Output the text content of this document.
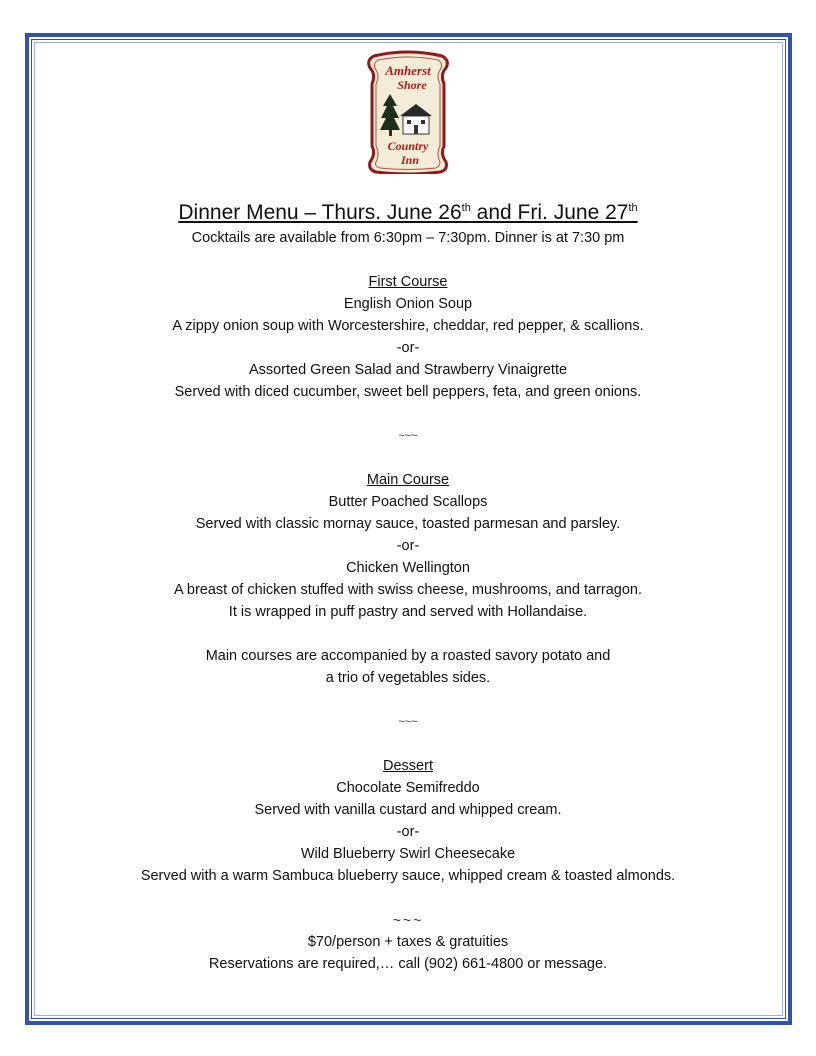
Amherst
Shore
Country
Inn
Dinner Menu – Thurs. June 26th and Fri. June 27th
Cocktails are available from 6:30pm – 7:30pm. Dinner is at 7:30 pm
First Course
English Onion Soup
A zippy onion soup with Worcestershire, cheddar, red pepper, & scallions.
-or-
Assorted Green Salad and Strawberry Vinaigrette
Served with diced cucumber, sweet bell peppers, feta, and green onions.
~~~
Main Course
Butter Poached Scallops
Served with classic mornay sauce, toasted parmesan and parsley.
-or-
Chicken Wellington
A breast of chicken stuffed with swiss cheese, mushrooms, and tarragon.
It is wrapped in puff pastry and served with Hollandaise.
Main courses are accompanied by a roasted savory potato and
a trio of vegetables sides.
~~~
Dessert
Chocolate Semifreddo
Served with vanilla custard and whipped cream.
-or-
Wild Blueberry Swirl Cheesecake
Served with a warm Sambuca blueberry sauce, whipped cream & toasted almonds.
~~~
$70/person + taxes & gratuities
Reservations are required,… call (902) 661-4800 or message.
